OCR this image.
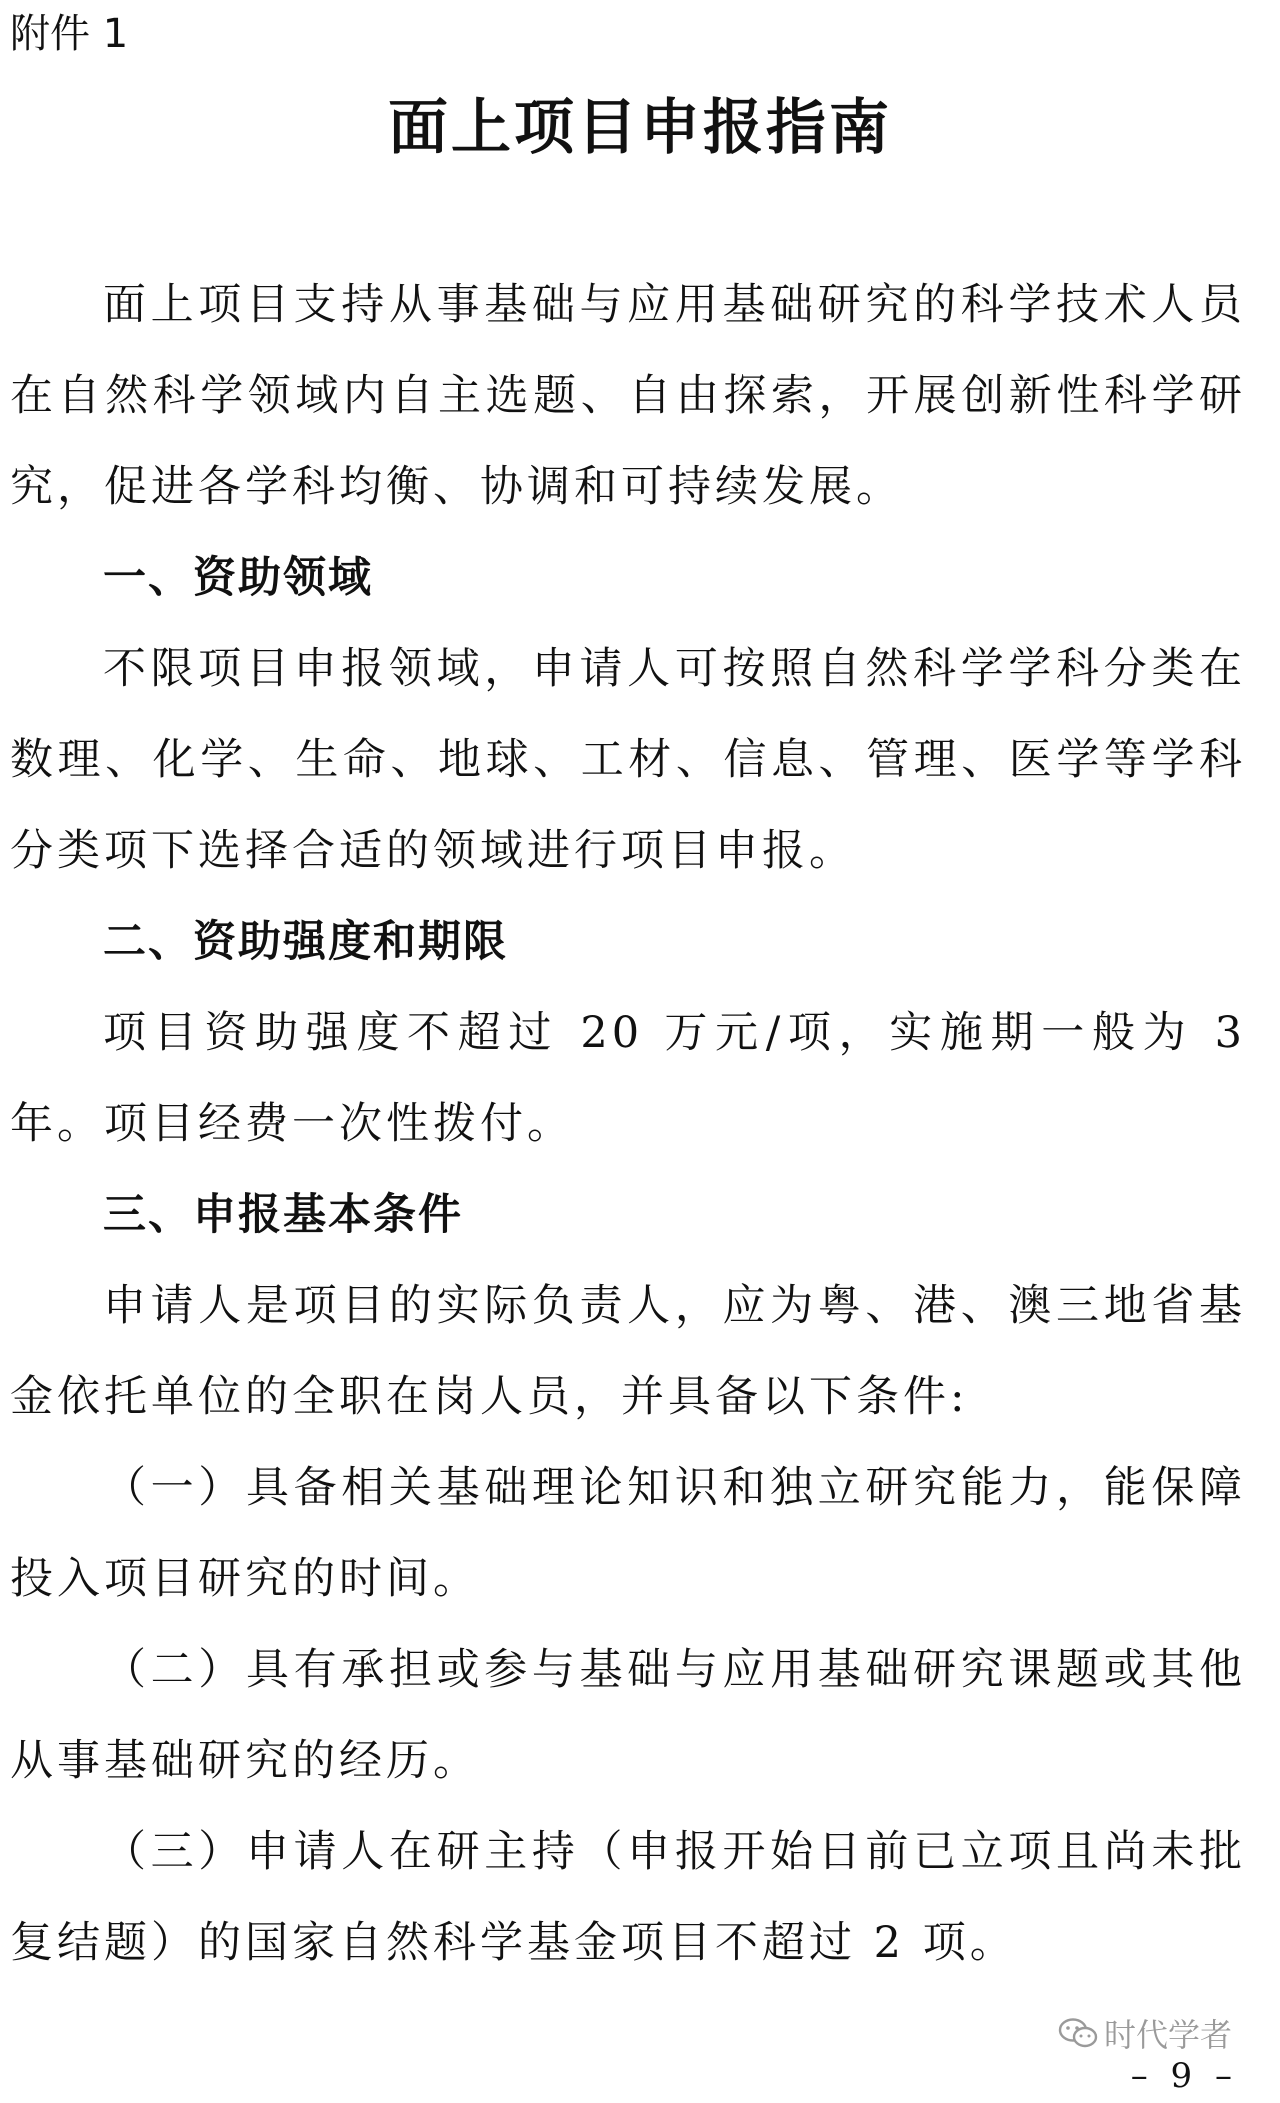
附件 1
面上项目申报指南

面上项目支持从事基础与应用基础研究的科学技术人员在自然科学领域内自主选题、自由探索，开展创新性科学研究，促进各学科均衡、协调和可持续发展。

一、资助领域

不限项目申报领域，申请人可按照自然科学学科分类在数理、化学、生命、地球、工材、信息、管理、医学等学科分类项下选择合适的领域进行项目申报。

二、资助强度和期限

项目资助强度不超过 20 万元/项，实施期一般为 3 年。项目经费一次性拨付。

三、申报基本条件

申请人是项目的实际负责人，应为粤、港、澳三地省基金依托单位的全职在岗人员，并具备以下条件:

（一）具备相关基础理论知识和独立研究能力，能保障投入项目研究的时间。

（二）具有承担或参与基础与应用基础研究课题或其他从事基础研究的经历。

（三）申请人在研主持（申报开始日前已立项且尚未批复结题）的国家自然科学基金项目不超过 2 项。

时代学者
– 9 –
